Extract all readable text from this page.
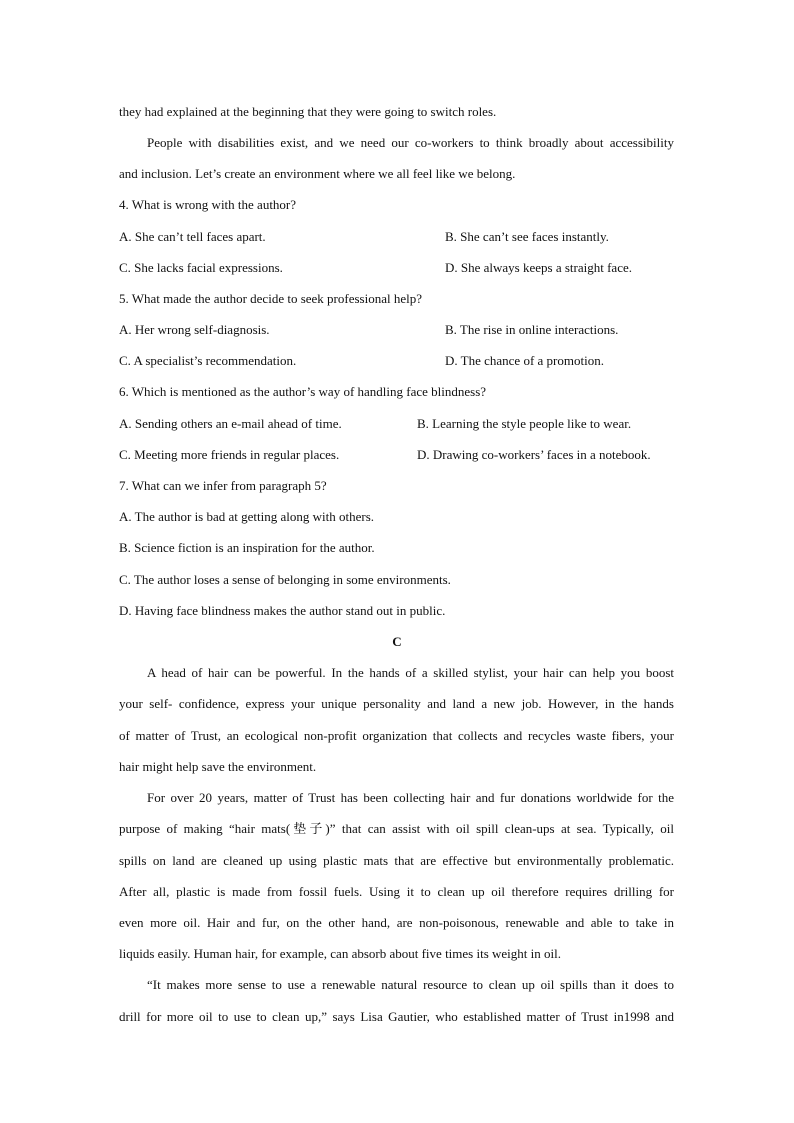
they had explained at the beginning that they were going to switch roles.
People with disabilities exist, and we need our co-workers to think broadly about accessibility
and inclusion. Let’s create an environment where we all feel like we belong.
4. What is wrong with the author?
A. She can’t tell faces apart.	B. She can’t see faces instantly.
C. She lacks facial expressions.	D. She always keeps a straight face.
5. What made the author decide to seek professional help?
A. Her wrong self-diagnosis.	B. The rise in online interactions.
C. A specialist’s recommendation.	D. The chance of a promotion.
6. Which is mentioned as the author’s way of handling face blindness?
A. Sending others an e-mail ahead of time.	B. Learning the style people like to wear.
C. Meeting more friends in regular places.	D. Drawing co-workers’ faces in a notebook.
7. What can we infer from paragraph 5?
A. The author is bad at getting along with others.
B. Science fiction is an inspiration for the author.
C. The author loses a sense of belonging in some environments.
D. Having face blindness makes the author stand out in public.
C
A head of hair can be powerful. In the hands of a skilled stylist, your hair can help you boost
your self- confidence, express your unique personality and land a new job. However, in the hands
of matter of Trust, an ecological non-profit organization that collects and recycles waste fibers, your
hair might help save the environment.
For over 20 years, matter of Trust has been collecting hair and fur donations worldwide for the
purpose of making “hair mats(垫子)” that can assist with oil spill clean-ups at sea. Typically, oil
spills on land are cleaned up using plastic mats that are effective but environmentally problematic.
After all, plastic is made from fossil fuels. Using it to clean up oil therefore requires drilling for
even more oil. Hair and fur, on the other hand, are non-poisonous, renewable and able to take in
liquids easily. Human hair, for example, can absorb about five times its weight in oil.
“It makes more sense to use a renewable natural resource to clean up oil spills than it does to
drill for more oil to use to clean up,” says Lisa Gautier, who established matter of Trust in1998 and
